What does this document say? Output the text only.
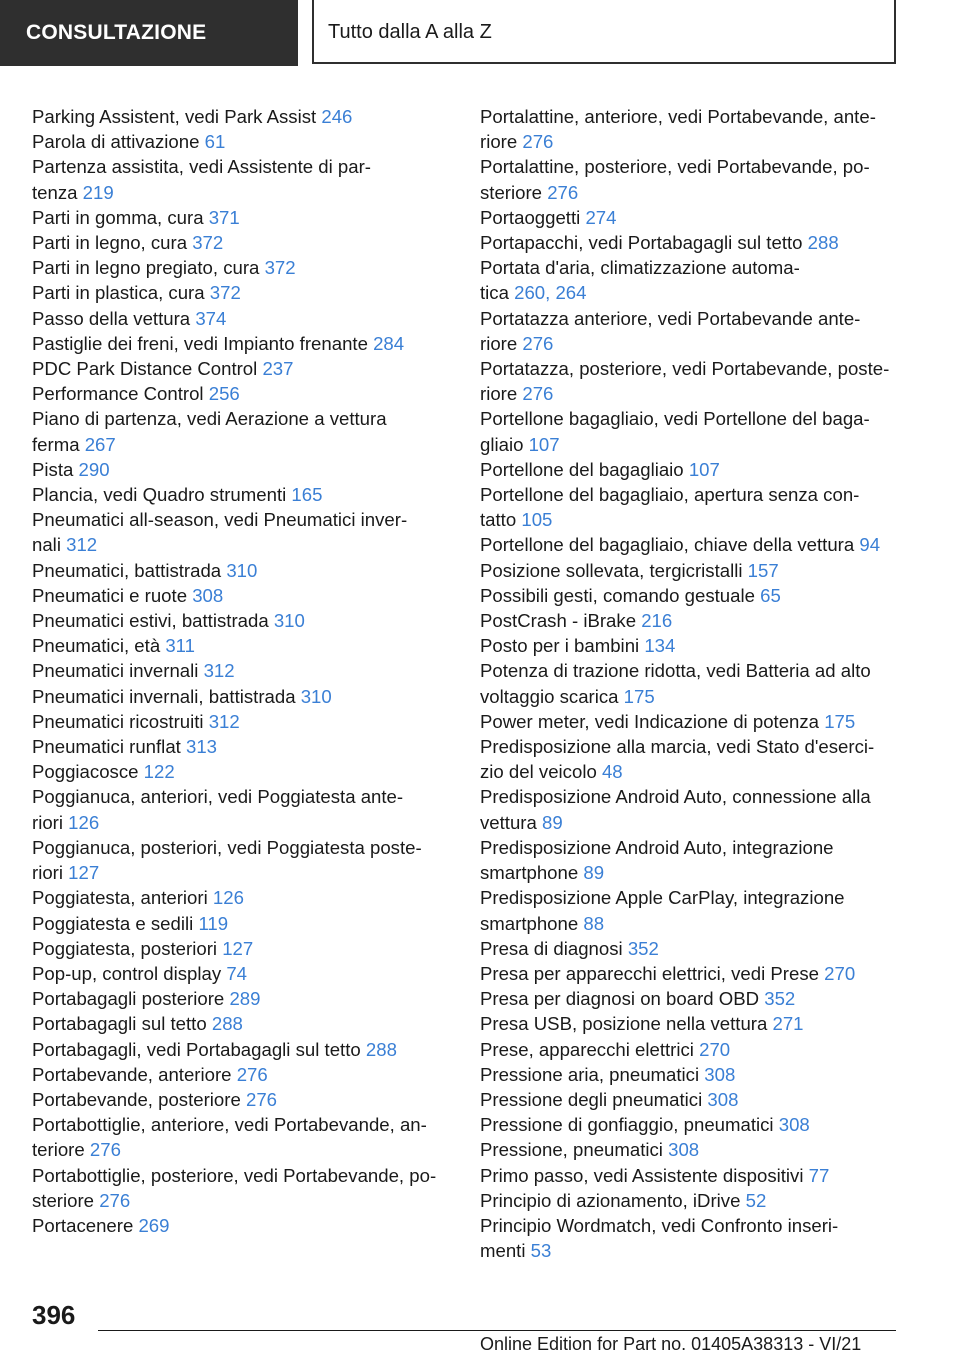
CONSULTAZIONE	Tutto dalla A alla Z
Parking Assistent, vedi Park Assist 246
Parola di attivazione 61
Partenza assistita, vedi Assistente di par-
tenza 219
Parti in gomma, cura 371
Parti in legno, cura 372
Parti in legno pregiato, cura 372
Parti in plastica, cura 372
Passo della vettura 374
Pastiglie dei freni, vedi Impianto frenante 284
PDC Park Distance Control 237
Performance Control 256
Piano di partenza, vedi Aerazione a vettura
ferma 267
Pista 290
Plancia, vedi Quadro strumenti 165
Pneumatici all-season, vedi Pneumatici inver-
nali 312
Pneumatici, battistrada 310
Pneumatici e ruote 308
Pneumatici estivi, battistrada 310
Pneumatici, età 311
Pneumatici invernali 312
Pneumatici invernali, battistrada 310
Pneumatici ricostruiti 312
Pneumatici runflat 313
Poggiacosce 122
Poggianuca, anteriori, vedi Poggiatesta ante-
riori 126
Poggianuca, posteriori, vedi Poggiatesta poste-
riori 127
Poggiatesta, anteriori 126
Poggiatesta e sedili 119
Poggiatesta, posteriori 127
Pop-up, control display 74
Portabagagli posteriore 289
Portabagagli sul tetto 288
Portabagagli, vedi Portabagagli sul tetto 288
Portabevande, anteriore 276
Portabevande, posteriore 276
Portabottiglie, anteriore, vedi Portabevande, an-
teriore 276
Portabottiglie, posteriore, vedi Portabevande, po-
steriore 276
Portacenere 269
Portalattine, anteriore, vedi Portabevande, ante-
riore 276
Portalattine, posteriore, vedi Portabevande, po-
steriore 276
Portaoggetti 274
Portapacchi, vedi Portabagagli sul tetto 288
Portata d'aria, climatizzazione automa-
tica 260, 264
Portatazza anteriore, vedi Portabevande ante-
riore 276
Portatazza, posteriore, vedi Portabevande, poste-
riore 276
Portellone bagagliaio, vedi Portellone del baga-
gliaio 107
Portellone del bagagliaio 107
Portellone del bagagliaio, apertura senza con-
tatto 105
Portellone del bagagliaio, chiave della vettura 94
Posizione sollevata, tergicristalli 157
Possibili gesti, comando gestuale 65
PostCrash - iBrake 216
Posto per i bambini 134
Potenza di trazione ridotta, vedi Batteria ad alto
voltaggio scarica 175
Power meter, vedi Indicazione di potenza 175
Predisposizione alla marcia, vedi Stato d'eserci-
zio del veicolo 48
Predisposizione Android Auto, connessione alla
vettura 89
Predisposizione Android Auto, integrazione
smartphone 89
Predisposizione Apple CarPlay, integrazione
smartphone 88
Presa di diagnosi 352
Presa per apparecchi elettrici, vedi Prese 270
Presa per diagnosi on board OBD 352
Presa USB, posizione nella vettura 271
Prese, apparecchi elettrici 270
Pressione aria, pneumatici 308
Pressione degli pneumatici 308
Pressione di gonfiaggio, pneumatici 308
Pressione, pneumatici 308
Primo passo, vedi Assistente dispositivi 77
Principio di azionamento, iDrive 52
Principio Wordmatch, vedi Confronto inseri-
menti 53
396
Online Edition for Part no. 01405A38313 - VI/21
